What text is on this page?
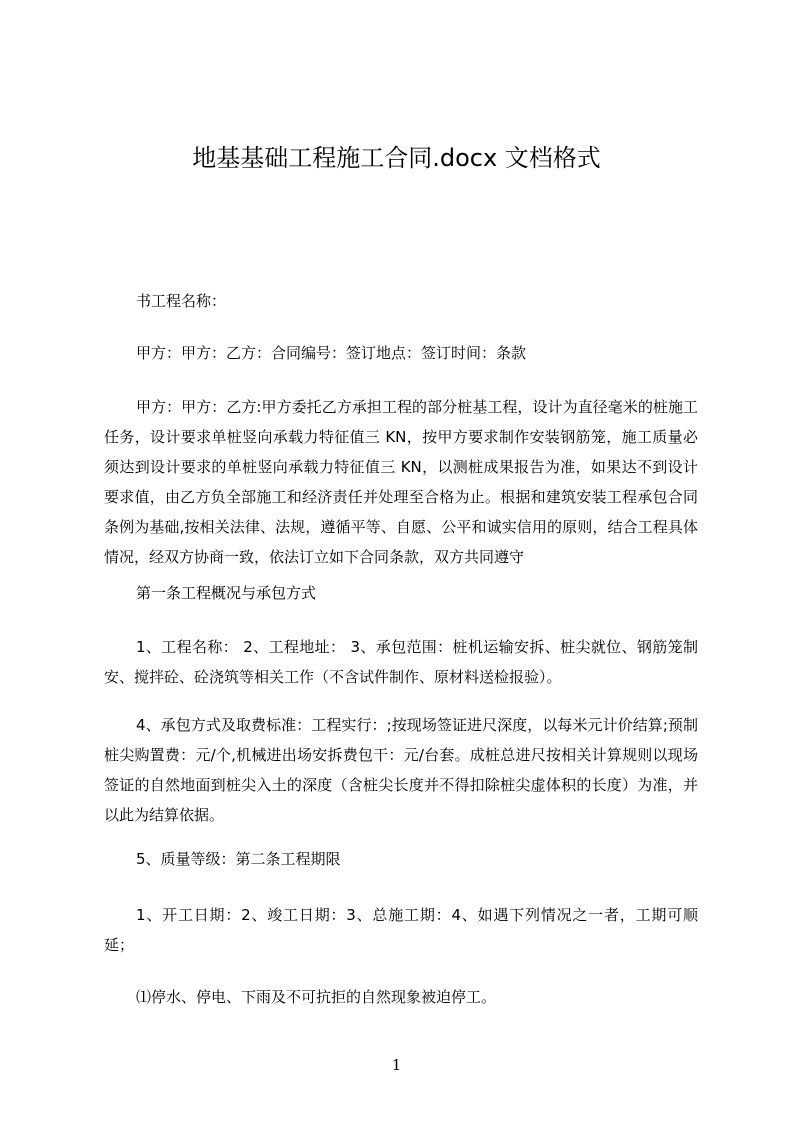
地基基础工程施工合同.docx 文档格式
书工程名称：
甲方：甲方：乙方：合同编号：签订地点：签订时间：条款
甲方：甲方：乙方:甲方委托乙方承担工程的部分桩基工程，设计为直径毫米的桩施工任务，设计要求单桩竖向承载力特征值三 KN，按甲方要求制作安装钢筋笼，施工质量必须达到设计要求的单桩竖向承载力特征值三 KN，以测桩成果报告为准，如果达不到设计要求值，由乙方负全部施工和经济责任并处理至合格为止。根据和建筑安装工程承包合同条例为基础,按相关法律、法规，遵循平等、自愿、公平和诚实信用的原则，结合工程具体情况，经双方协商一致，依法订立如下合同条款，双方共同遵守
第一条工程概况与承包方式
1、工程名称： 2、工程地址： 3、承包范围：桩机运输安拆、桩尖就位、钢筋笼制安、搅拌砼、砼浇筑等相关工作（不含试件制作、原材料送检报验）。
4、承包方式及取费标准：工程实行：;按现场签证进尺深度，以每米元计价结算;预制桩尖购置费：元/个,机械进出场安拆费包干：元/台套。成桩总进尺按相关计算规则以现场签证的自然地面到桩尖入土的深度（含桩尖长度并不得扣除桩尖虚体积的长度）为准，并以此为结算依据。
5、质量等级：第二条工程期限
1、开工日期：2、竣工日期：3、总施工期：4、如遇下列情况之一者，工期可顺延；
⑴停水、停电、下雨及不可抗拒的自然现象被迫停工。
1
